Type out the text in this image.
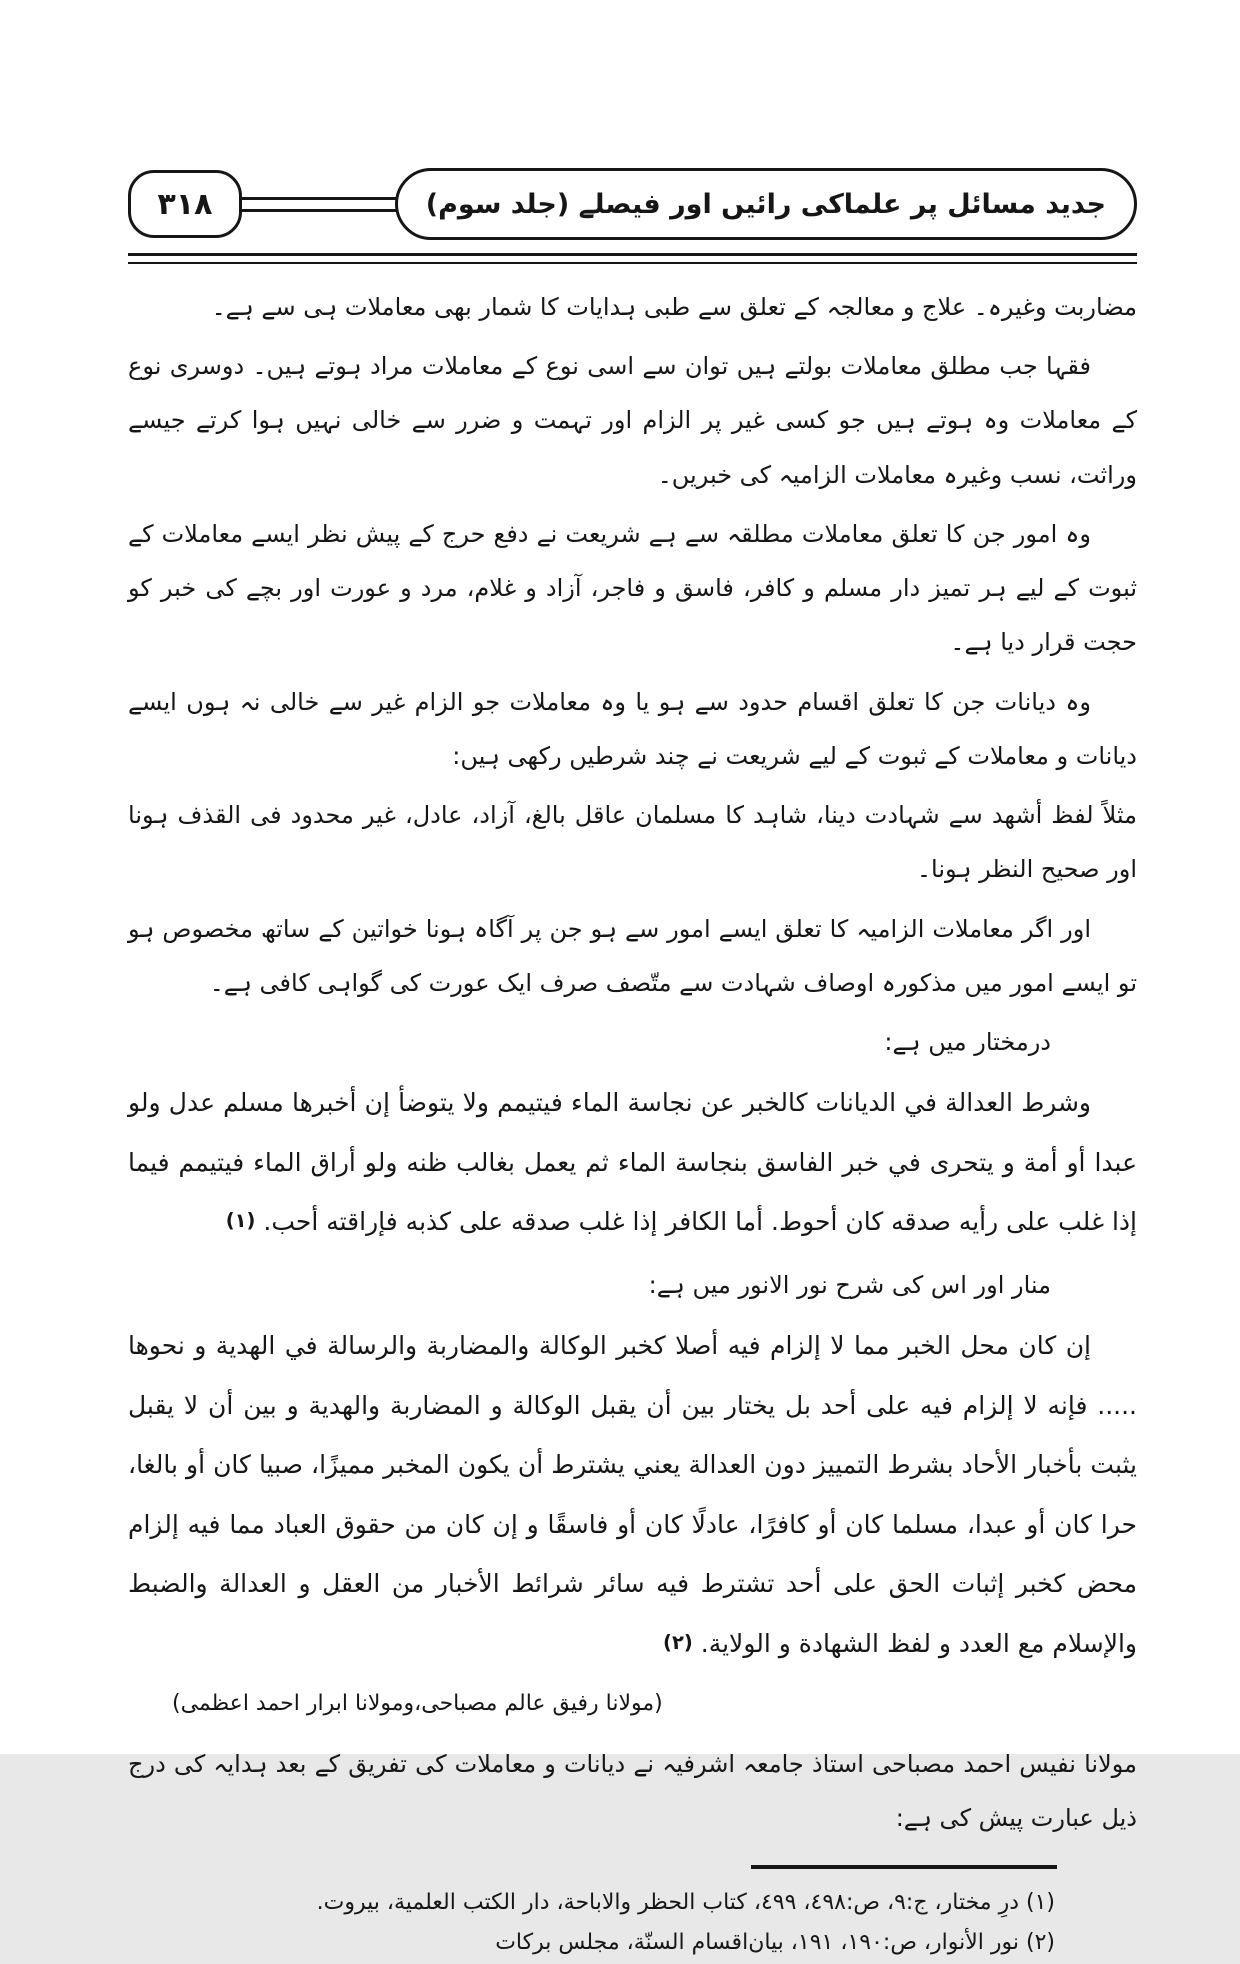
۳۱۸	جدید مسائل پر علماکی رائیں اور فیصلے (جلد سوم)

مضاربت وغیرہ۔ علاج و معالجہ کے تعلق سے طبی ہدایات کا شمار بھی معاملات ہی سے ہے۔

فقہا جب مطلق معاملات بولتے ہیں توان سے اسی نوع کے معاملات مراد ہوتے ہیں۔ دوسری نوع کے معاملات وہ ہوتے ہیں جو کسی غیر پر الزام اور تہمت و ضرر سے خالی نہیں ہوا کرتے جیسے وراثت، نسب وغیرہ معاملات الزامیہ کی خبریں۔

وہ امور جن کا تعلق معاملات مطلقہ سے ہے شریعت نے دفع حرج کے پیش نظر ایسے معاملات کے ثبوت کے لیے ہر تمیز دار مسلم و کافر، فاسق و فاجر، آزاد و غلام، مرد و عورت اور بچے کی خبر کو حجت قرار دیا ہے۔

وہ دیانات جن کا تعلق اقسام حدود سے ہو یا وہ معاملات جو الزام غیر سے خالی نہ ہوں ایسے دیانات و معاملات کے ثبوت کے لیے شریعت نے چند شرطیں رکھی ہیں:

مثلاً لفظ أشهد سے شہادت دینا، شاہد کا مسلمان عاقل بالغ، آزاد، عادل، غیر محدود فی القذف ہونا اور صحیح النظر ہونا۔

اور اگر معاملات الزامیہ کا تعلق ایسے امور سے ہو جن پر آگاہ ہونا خواتین کے ساتھ مخصوص ہو تو ایسے امور میں مذکورہ اوصاف شہادت سے متّصف صرف ایک عورت کی گواہی کافی ہے۔

درمختار میں ہے:

وشرط العدالة في الديانات كالخبر عن نجاسة الماء فيتيمم ولا يتوضأ إن أخبرها مسلم عدل ولو عبدا أو أمة و يتحرى في خبر الفاسق بنجاسة الماء ثم يعمل بغالب ظنه ولو أراق الماء فيتيمم فيما إذا غلب على رأيه صدقه كان أحوط. أما الكافر إذا غلب صدقه على كذبه فإراقته أحب. (۱)

منار اور اس کی شرح نور الانور میں ہے:

إن كان محل الخبر مما لا إلزام فيه أصلا كخبر الوكالة والمضاربة والرسالة في الهدية و نحوها ..... فإنه لا إلزام فيه على أحد بل يختار بين أن يقبل الوكالة و المضاربة والهدية و بين أن لا يقبل يثبت بأخبار الأحاد بشرط التمييز دون العدالة يعني يشترط أن يكون المخبر مميزًا، صبيا كان أو بالغا، حرا كان أو عبدا، مسلما كان أو كافرًا، عادلًا كان أو فاسقًا و إن كان من حقوق العباد مما فيه إلزام محض كخبر إثبات الحق على أحد تشترط فيه سائر شرائط الأخبار من العقل و العدالة والضبط والإسلام مع العدد و لفظ الشهادة و الولاية. (۲)

(مولانا رفیق عالم مصباحی،ومولانا ابرار احمد اعظمی)

مولانا نفیس احمد مصباحی استاذ جامعہ اشرفیہ نے دیانات و معاملات کی تفریق کے بعد ہدایہ کی درج ذیل عبارت پیش کی ہے:

(١) درِ مختار، ج:٩، ص:٤٩٨، ٤٩٩، كتاب الحظر والاباحة، دار الكتب العلمية، بيروت.

(٢) نور الأنوار، ص:١٩٠، ١٩١، بیان‌اقسام السنّة، مجلس برکات
